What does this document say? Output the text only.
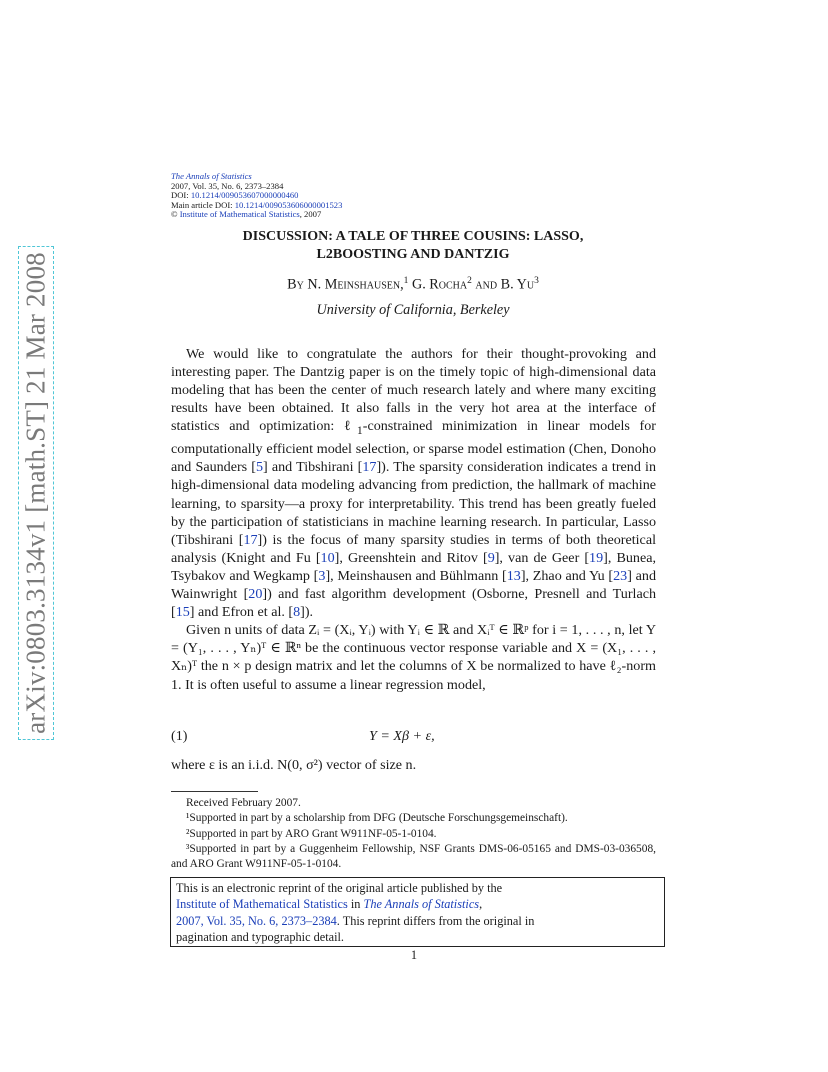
arXiv:0803.3134v1 [math.ST] 21 Mar 2008
The Annals of Statistics
2007, Vol. 35, No. 6, 2373–2384
DOI: 10.1214/009053607000000460
Main article DOI: 10.1214/009053606000001523
© Institute of Mathematical Statistics, 2007
DISCUSSION: A TALE OF THREE COUSINS: LASSO,
L2BOOSTING AND DANTZIG
By N. Meinshausen,$^1$ G. Rocha$^2$ and B. Yu$^3$
University of California, Berkeley

We would like to congratulate the authors for their thought-provoking and interesting paper. The Dantzig paper is on the timely topic of high-dimensional data modeling that has been the center of much research lately and where many exciting results have been obtained. It also falls in the very hot area at the interface of statistics and optimization: ℓ$_1$-constrained minimization in linear models for computationally efficient model selection, or sparse model estimation (Chen, Donoho and Saunders [5] and Tibshirani [17]). The sparsity consideration indicates a trend in high-dimensional data modeling advancing from prediction, the hallmark of machine learning, to sparsity—a proxy for interpretability. This trend has been greatly fueled by the participation of statisticians in machine learning research. In particular, Lasso (Tibshirani [17]) is the focus of many sparsity studies in terms of both theoretical analysis (Knight and Fu [10], Greenshtein and Ritov [9], van de Geer [19], Bunea, Tsybakov and Wegkamp [3], Meinshausen and Bühlmann [13], Zhao and Yu [23] and Wainwright [20]) and fast algorithm development (Osborne, Presnell and Turlach [15] and Efron et al. [8]).

Given n units of data Zᵢ = (Xᵢ, Yᵢ) with Yᵢ ∈ ℝ and Xᵢᵀ ∈ ℝᵖ for i = 1, . . . , n, let Y = (Y₁, . . . , Yₙ)ᵀ ∈ ℝⁿ be the continuous vector response variable and X = (X₁, . . . , Xₙ)ᵀ the n × p design matrix and let the columns of X be normalized to have ℓ₂-norm 1. It is often useful to assume a linear regression model,

(1)	Y = Xβ + ε,
where ε is an i.i.d. N(0, σ²) vector of size n.

Received February 2007.

¹Supported in part by a scholarship from DFG (Deutsche Forschungsgemeinschaft).

²Supported in part by ARO Grant W911NF-05-1-0104.

³Supported in part by a Guggenheim Fellowship, NSF Grants DMS-06-05165 and DMS-03-036508, and ARO Grant W911NF-05-1-0104.

This is an electronic reprint of the original article published by the
Institute of Mathematical Statistics in The Annals of Statistics,
2007, Vol. 35, No. 6, 2373–2384. This reprint differs from the original in
pagination and typographic detail.
1
